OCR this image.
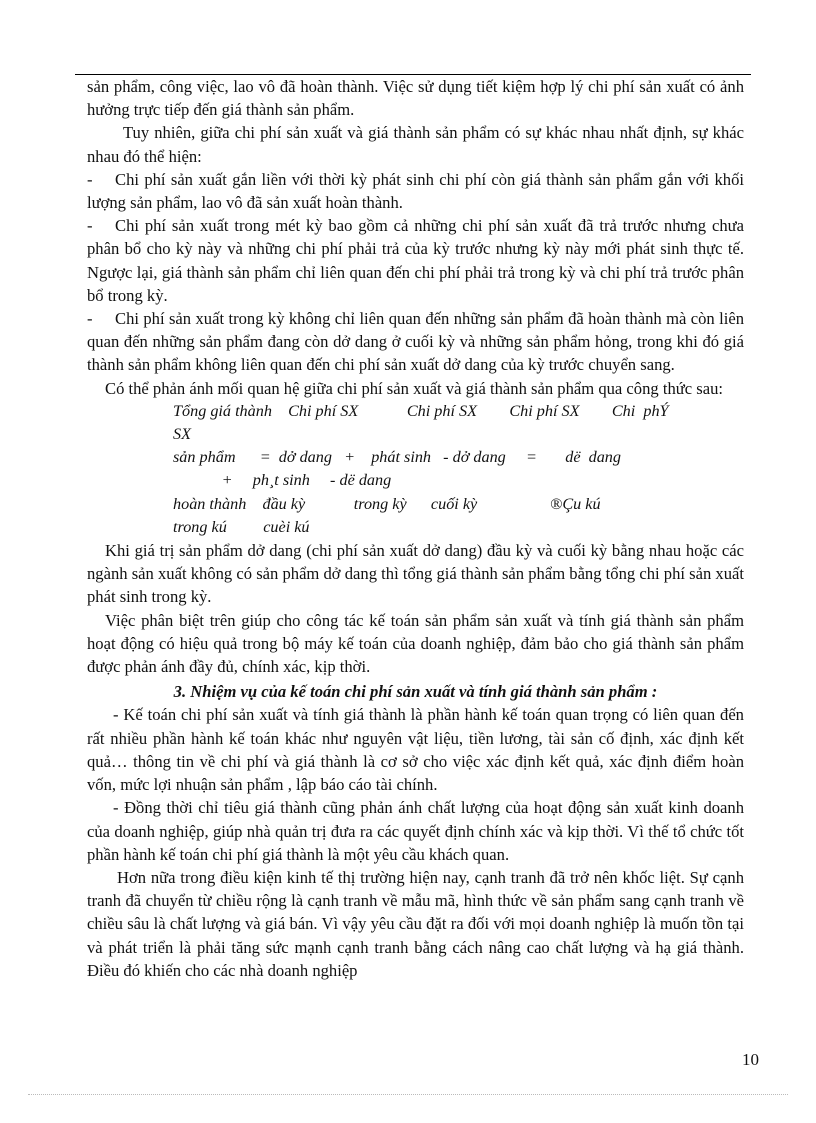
sản phẩm, công việc, lao vô đã hoàn thành. Việc sử dụng tiết kiệm hợp lý chi phí sản xuất có ảnh hưởng trực tiếp đến giá thành sản phẩm.

Tuy nhiên, giữa chi phí sản xuất và giá thành sản phẩm có sự khác nhau nhất định, sự khác nhau đó thể hiện:

- Chi phí sản xuất gắn liền với thời kỳ phát sinh chi phí còn giá thành sản phẩm gắn với khối lượng sản phẩm, lao vô đã sản xuất hoàn thành.

- Chi phí sản xuất trong mét kỳ bao gồm cả những chi phí sản xuất đã trả trước nhưng chưa phân bổ cho kỳ này và những chi phí phải trả của kỳ trước nhưng kỳ này mới phát sinh thực tế. Ngược lại, giá thành sản phẩm chỉ liên quan đến chi phí phải trả trong kỳ và chi phí trả trước phân bổ trong kỳ.

- Chi phí sản xuất trong kỳ không chỉ liên quan đến những sản phẩm đã hoàn thành mà còn liên quan đến những sản phẩm đang còn dở dang ở cuối kỳ và những sản phẩm hỏng, trong khi đó giá thành sản phẩm không liên quan đến chi phí sản xuất dở dang của kỳ trước chuyển sang.

Có thể phản ánh mối quan hệ giữa chi phí sản xuất và giá thành sản phẩm qua công thức sau:

Tổng giá thành    Chi phí SX            Chi phí SX        Chi phí SX        Chi  phÝ

SX

sản phẩm      =  dở dang   +    phát sinh   - dở dang     =       dë  dang

+     ph¸t sinh     - dë dang

hoàn thành    đầu kỳ            trong kỳ      cuối kỳ                  ®Çu kú

trong kú         cuèi kú

Khi giá trị sản phẩm dở dang (chi phí sản xuất dở dang) đầu kỳ và cuối kỳ bằng nhau hoặc các ngành sản xuất không có sản phẩm dở dang thì tổng giá thành sản phẩm bằng tổng chi phí sản xuất phát sinh trong kỳ.

Việc phân biệt trên giúp cho công tác kế toán sản phẩm sản xuất và tính giá thành sản phẩm hoạt động có hiệu quả trong bộ máy kế toán của doanh nghiệp, đảm bảo cho giá thành sản phẩm được phản ánh đầy đủ, chính xác, kịp thời.

3. Nhiệm vụ của kế toán chi phí sản xuất và tính giá thành sản phẩm :

- Kế toán chi phí sản xuất và tính giá thành là phần hành kế toán quan trọng có liên quan đến rất nhiều phần hành kế toán khác như nguyên vật liệu, tiền lương, tài sản cố định, xác định kết quả… thông tin về chi phí và giá thành là cơ sở cho việc xác định kết quả, xác định điểm hoàn vốn, mức lợi nhuận sản phẩm , lập báo cáo tài chính.

- Đồng thời chỉ tiêu giá thành cũng phản ánh chất lượng của hoạt động sản xuất kinh doanh của doanh nghiệp, giúp nhà quản trị đưa ra các quyết định chính xác và kịp thời. Vì thế tổ chức tốt phần hành kế toán chi phí giá thành là một yêu cầu khách quan.

Hơn nữa trong điều kiện kinh tế thị trường hiện nay, cạnh tranh đã trở nên khốc liệt. Sự cạnh tranh đã chuyển từ chiều rộng là cạnh tranh về mẫu mã, hình thức về sản phẩm sang cạnh tranh về chiều sâu là chất lượng và giá bán. Vì vậy yêu cầu đặt ra đối với mọi doanh nghiệp là muốn tồn tại và phát triển là phải tăng sức mạnh cạnh tranh bằng cách nâng cao chất lượng và hạ giá thành. Điều đó khiến cho các nhà doanh nghiệp

10
